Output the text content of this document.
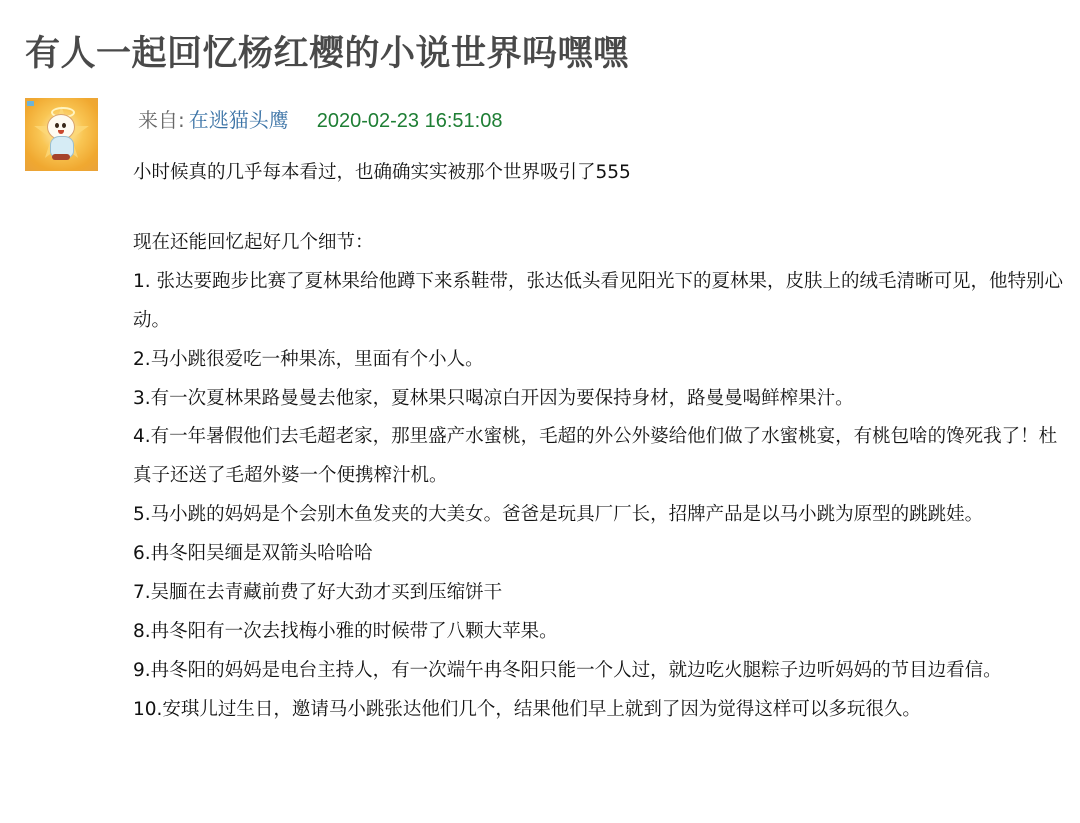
有人一起回忆杨红樱的小说世界吗嘿嘿
来自: 在逃猫头鹰 2020-02-23 16:51:08

小时候真的几乎每本看过，也确确实实被那个世界吸引了555

现在还能回忆起好几个细节：

1. 张达要跑步比赛了夏林果给他蹲下来系鞋带，张达低头看见阳光下的夏林果，皮肤上的绒毛清晰可见，他特别心动。

2.马小跳很爱吃一种果冻，里面有个小人。

3.有一次夏林果路曼曼去他家，夏林果只喝凉白开因为要保持身材，路曼曼喝鲜榨果汁。

4.有一年暑假他们去毛超老家，那里盛产水蜜桃，毛超的外公外婆给他们做了水蜜桃宴，有桃包啥的馋死我了！杜真子还送了毛超外婆一个便携榨汁机。

5.马小跳的妈妈是个会别木鱼发夹的大美女。爸爸是玩具厂厂长，招牌产品是以马小跳为原型的跳跳娃。

6.冉冬阳吴缅是双箭头哈哈哈

7.吴腼在去青藏前费了好大劲才买到压缩饼干

8.冉冬阳有一次去找梅小雅的时候带了八颗大苹果。

9.冉冬阳的妈妈是电台主持人，有一次端午冉冬阳只能一个人过，就边吃火腿粽子边听妈妈的节目边看信。

10.安琪儿过生日，邀请马小跳张达他们几个，结果他们早上就到了因为觉得这样可以多玩很久。
